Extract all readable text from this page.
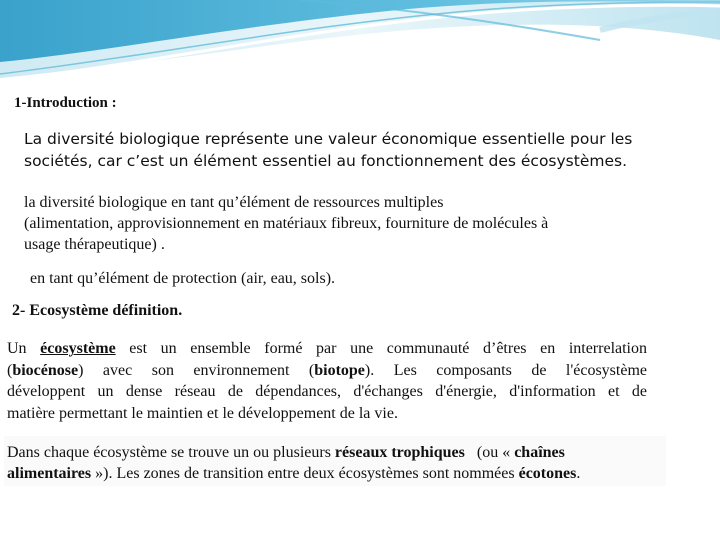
1-Introduction :
La diversité biologique représente une valeur économique essentielle pour les
sociétés, car c’est un élément essentiel au fonctionnement des écosystèmes.
la diversité biologique en tant qu’élément de ressources multiples
(alimentation, approvisionnement en matériaux fibreux, fourniture de molécules à
usage thérapeutique) .
en tant qu’élément de protection (air, eau, sols).
2- Ecosystème définition.
Un écosystème est un ensemble formé par une communauté d’êtres en interrelation
(biocénose) avec son environnement (biotope). Les composants de l'écosystème
développent un dense réseau de dépendances, d'échanges d'énergie, d'information et de
matière permettant le maintien et le développement de la vie.
Dans chaque écosystème se trouve un ou plusieurs réseaux trophiques   (ou « chaînes
alimentaires »). Les zones de transition entre deux écosystèmes sont nommées écotones.
